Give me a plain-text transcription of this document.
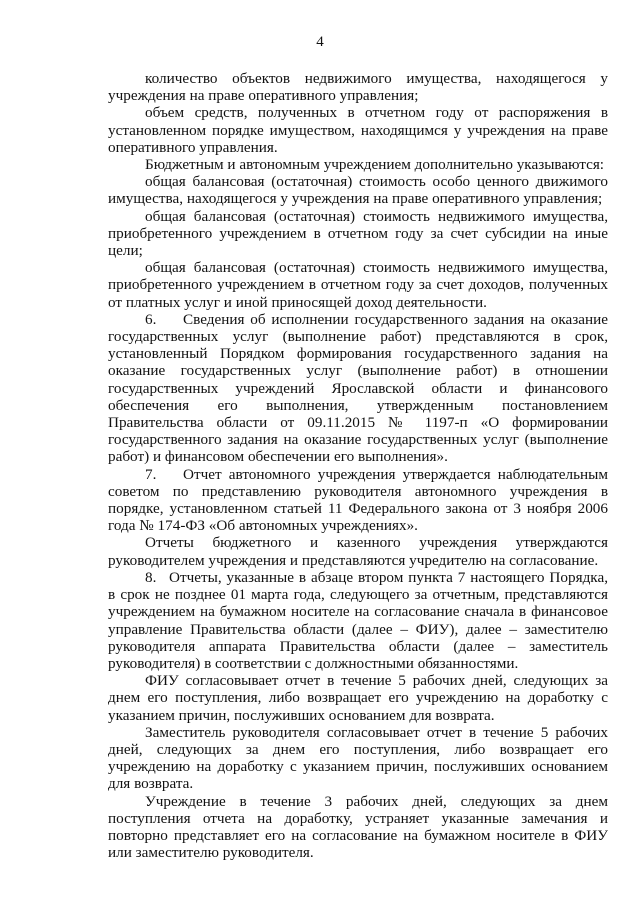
4

количество объектов недвижимого имущества, находящегося у учреждения на праве оперативного управления;

объем средств, полученных в отчетном году от распоряжения в установленном порядке имуществом, находящимся у учреждения на праве оперативного управления.

Бюджетным и автономным учреждением дополнительно указываются:

общая балансовая (остаточная) стоимость особо ценного движимого имущества, находящегося у учреждения на праве оперативного управления;

общая балансовая (остаточная) стоимость недвижимого имущества, приобретенного учреждением в отчетном году за счет субсидии на иные цели;

общая балансовая (остаточная) стоимость недвижимого имущества, приобретенного учреждением в отчетном году за счет доходов, полученных от платных услуг и иной приносящей доход деятельности.

6. Сведения об исполнении государственного задания на оказание государственных услуг (выполнение работ) представляются в срок, установленный Порядком формирования государственного задания на оказание государственных услуг (выполнение работ) в отношении государственных учреждений Ярославской области и финансового обеспечения его выполнения, утвержденным постановлением Правительства области от 09.11.2015 № 1197-п «О формировании государственного задания на оказание государственных услуг (выполнение работ) и финансовом обеспечении его выполнения».

7. Отчет автономного учреждения утверждается наблюдательным советом по представлению руководителя автономного учреждения в порядке, установленном статьей 11 Федерального закона от 3 ноября 2006 года № 174-ФЗ «Об автономных учреждениях».

Отчеты бюджетного и казенного учреждения утверждаются руководителем учреждения и представляются учредителю на согласование.

8. Отчеты, указанные в абзаце втором пункта 7 настоящего Порядка, в срок не позднее 01 марта года, следующего за отчетным, представляются учреждением на бумажном носителе на согласование сначала в финансовое управление Правительства области (далее – ФИУ), далее – заместителю руководителя аппарата Правительства области (далее – заместитель руководителя) в соответствии с должностными обязанностями.

ФИУ согласовывает отчет в течение 5 рабочих дней, следующих за днем его поступления, либо возвращает его учреждению на доработку с указанием причин, послуживших основанием для возврата.

Заместитель руководителя согласовывает отчет в течение 5 рабочих дней, следующих за днем его поступления, либо возвращает его учреждению на доработку с указанием причин, послуживших основанием для возврата.

Учреждение в течение 3 рабочих дней, следующих за днем поступления отчета на доработку, устраняет указанные замечания и повторно представляет его на согласование на бумажном носителе в ФИУ или заместителю руководителя.
